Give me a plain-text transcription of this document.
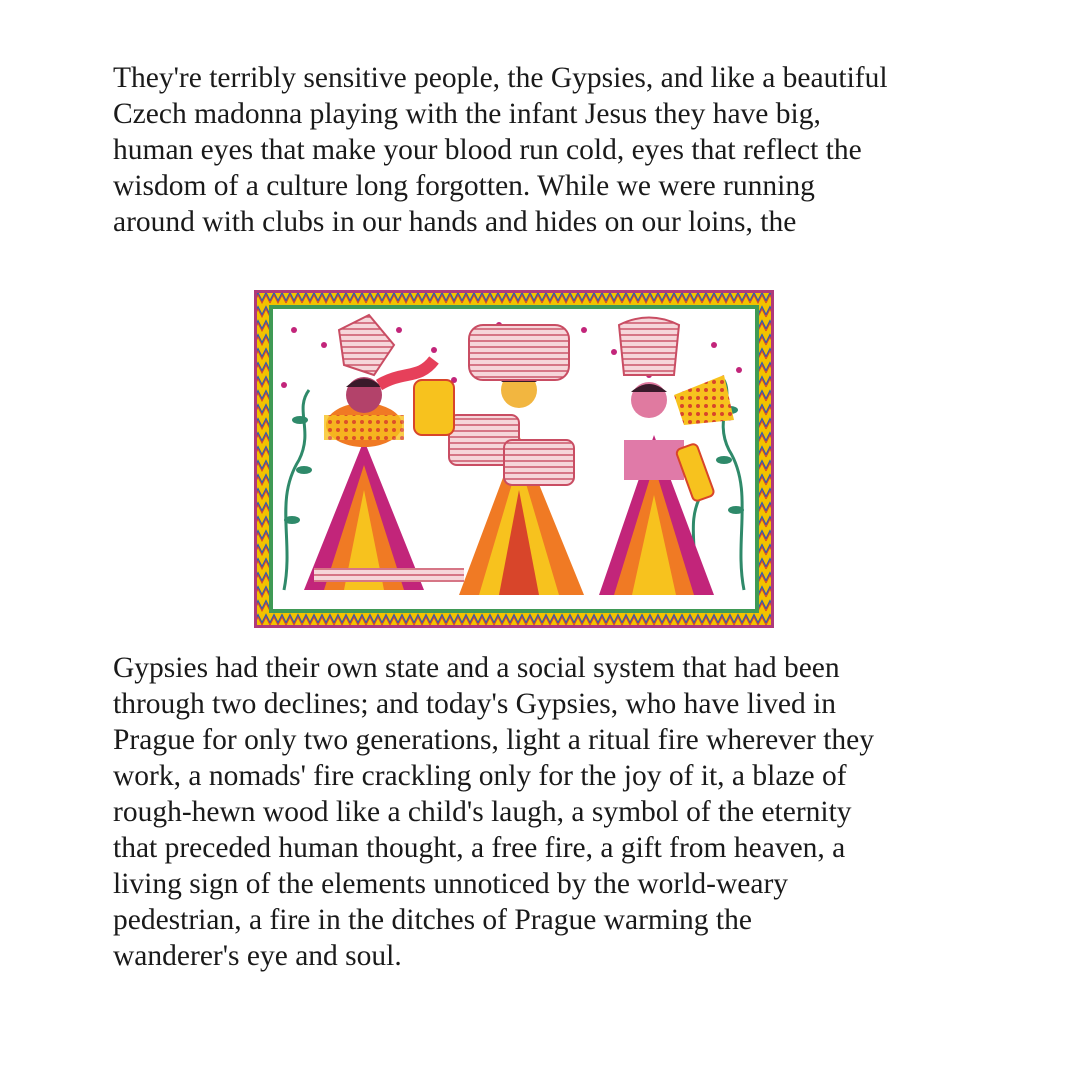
They're terribly sensitive people, the Gypsies, and like a beautiful
Czech madonna playing with the infant Jesus they have big,
human eyes that make your blood run cold, eyes that reflect the
wisdom of a culture long forgotten. While we were running
around with clubs in our hands and hides on our loins, the
Gypsies had their own state and a social system that had been
through two declines; and today's Gypsies, who have lived in
Prague for only two generations, light a ritual fire wherever they
work, a nomads' fire crackling only for the joy of it, a blaze of
rough-hewn wood like a child's laugh, a symbol of the eternity
that preceded human thought, a free fire, a gift from heaven, a
living sign of the elements unnoticed by the world-weary
pedestrian, a fire in the ditches of Prague warming the
wanderer's eye and soul.
